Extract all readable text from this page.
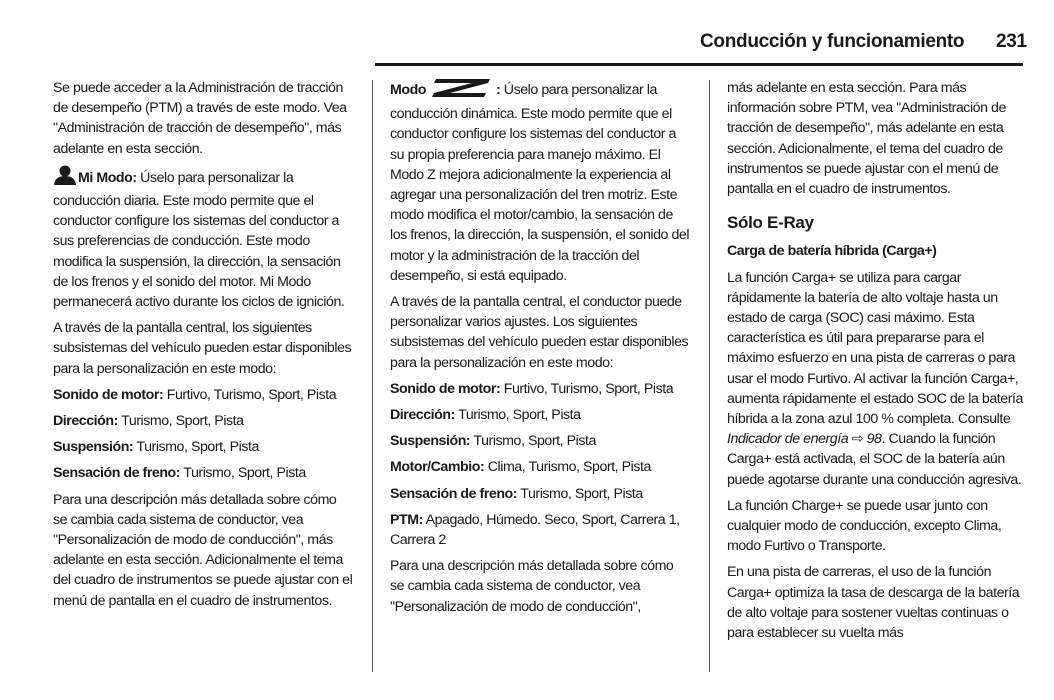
Conducción y funcionamiento 231

Se puede acceder a la Administración de tracción de desempeño (PTM) a través de este modo. Vea "Administración de tracción de desempeño", más adelante en esta sección.

Mi Modo: Úselo para personalizar la conducción diaria. Este modo permite que el conductor configure los sistemas del conductor a sus preferencias de conducción. Este modo modifica la suspensión, la dirección, la sensación de los frenos y el sonido del motor. Mi Modo permanecerá activo durante los ciclos de ignición.

A través de la pantalla central, los siguientes subsistemas del vehículo pueden estar disponibles para la personalización en este modo:

Sonido de motor: Furtivo, Turismo, Sport, Pista

Dirección: Turismo, Sport, Pista

Suspensión: Turismo, Sport, Pista

Sensación de freno: Turismo, Sport, Pista

Para una descripción más detallada sobre cómo se cambia cada sistema de conductor, vea "Personalización de modo de conducción", más adelante en esta sección. Adicionalmente el tema del cuadro de instrumentos se puede ajustar con el menú de pantalla en el cuadro de instrumentos.

Modo	: Úselo para personalizar la conducción dinámica. Este modo permite que el conductor configure los sistemas del conductor a su propia preferencia para manejo máximo. El Modo Z mejora adicionalmente la experiencia al agregar una personalización del tren motriz. Este modo modifica el motor/cambio, la sensación de los frenos, la dirección, la suspensión, el sonido del motor y la administración de la tracción del desempeño, si está equipado.

A través de la pantalla central, el conductor puede personalizar varios ajustes. Los siguientes subsistemas del vehículo pueden estar disponibles para la personalización en este modo:

Sonido de motor: Furtivo, Turismo, Sport, Pista

Dirección: Turismo, Sport, Pista

Suspensión: Turismo, Sport, Pista

Motor/Cambio: Clima, Turismo, Sport, Pista

Sensación de freno: Turismo, Sport, Pista

PTM: Apagado, Húmedo. Seco, Sport, Carrera 1, Carrera 2

Para una descripción más detallada sobre cómo se cambia cada sistema de conductor, vea "Personalización de modo de conducción",

más adelante en esta sección. Para más información sobre PTM, vea "Administración de tracción de desempeño", más adelante en esta sección. Adicionalmente, el tema del cuadro de instrumentos se puede ajustar con el menú de pantalla en el cuadro de instrumentos.

Sólo E-Ray
Carga de batería híbrida (Carga+)

La función Carga+ se utiliza para cargar rápidamente la batería de alto voltaje hasta un estado de carga (SOC) casi máximo. Esta característica es útil para prepararse para el máximo esfuerzo en una pista de carreras o para usar el modo Furtivo. Al activar la función Carga+, aumenta rápidamente el estado SOC de la batería híbrida a la zona azul 100 % completa. Consulte Indicador de energía ⇨ 98. Cuando la función Carga+ está activada, el SOC de la batería aún puede agotarse durante una conducción agresiva.

La función Charge+ se puede usar junto con cualquier modo de conducción, excepto Clima, modo Furtivo o Transporte.

En una pista de carreras, el uso de la función Carga+ optimiza la tasa de descarga de la batería de alto voltaje para sostener vueltas continuas o para establecer su vuelta más
